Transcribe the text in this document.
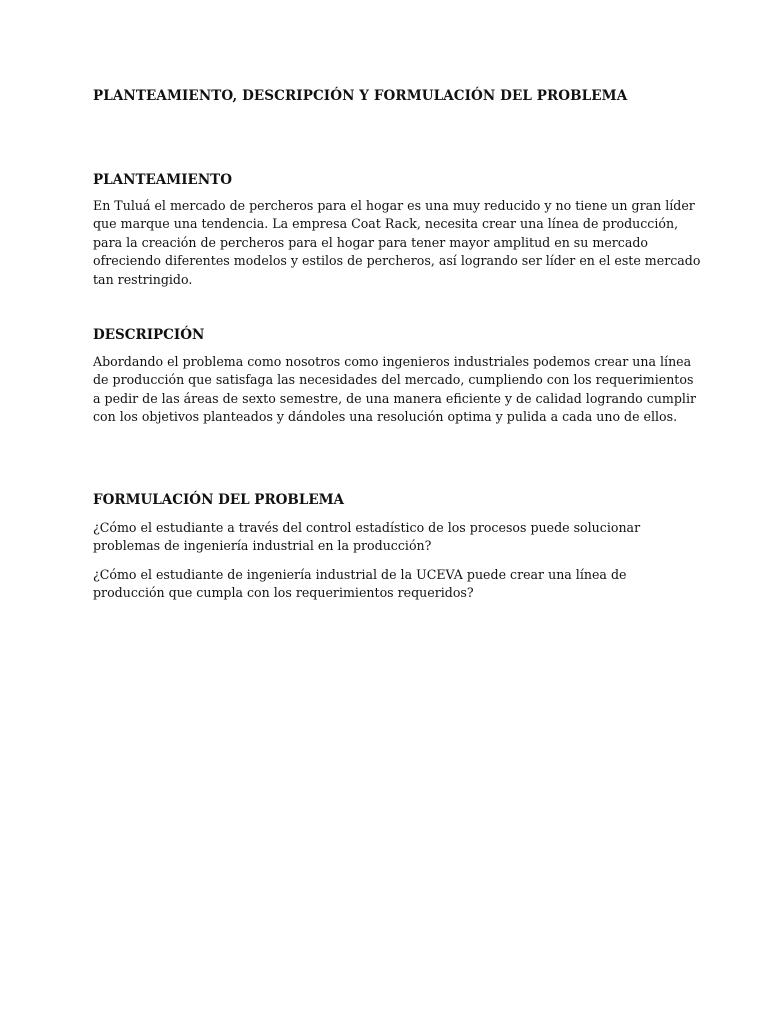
PLANTEAMIENTO, DESCRIPCIÓN Y FORMULACIÓN DEL PROBLEMA
PLANTEAMIENTO
En Tuluá el mercado de percheros para el hogar es una muy reducido y no tiene un gran líder
que marque una tendencia. La empresa Coat Rack, necesita crear una línea de producción,
para la creación de percheros para el hogar para tener mayor amplitud en su mercado
ofreciendo diferentes modelos y estilos de percheros, así logrando ser líder en el este mercado
tan restringido.
DESCRIPCIÓN
Abordando el problema como nosotros como ingenieros industriales podemos crear una línea
de producción que satisfaga las necesidades del mercado, cumpliendo con los requerimientos
a pedir de las áreas de sexto semestre, de una manera eficiente y de calidad logrando cumplir
con los objetivos planteados y dándoles una resolución optima y pulida a cada uno de ellos.
FORMULACIÓN DEL PROBLEMA
¿Cómo el estudiante a través del control estadístico de los procesos puede solucionar
problemas de ingeniería industrial en la producción?
¿Cómo el estudiante de ingeniería industrial de la UCEVA puede crear una línea de
producción que cumpla con los requerimientos requeridos?
